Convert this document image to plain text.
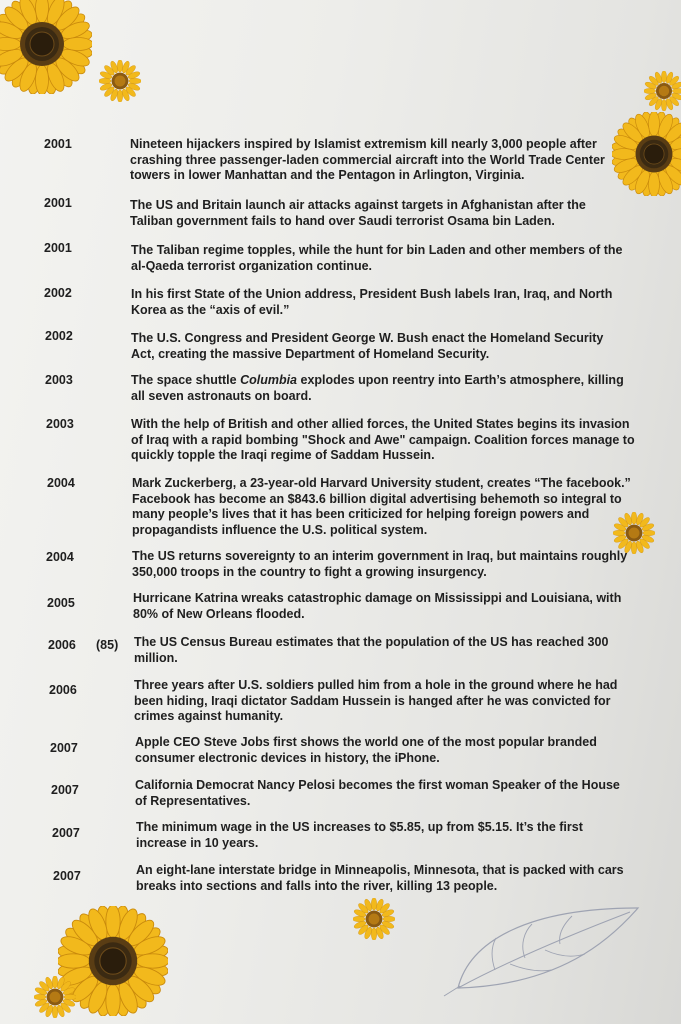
2001	Nineteen hijackers inspired by Islamist extremism kill nearly 3,000 people after crashing three passenger-laden commercial aircraft into the World Trade Center towers in lower Manhattan and the Pentagon in Arlington, Virginia.

2001	The US and Britain launch air attacks against targets in Afghanistan after the Taliban government fails to hand over Saudi terrorist Osama bin Laden.

2001	The Taliban regime topples, while the hunt for bin Laden and other members of the al-Qaeda terrorist organization continue.

2002	In his first State of the Union address, President Bush labels Iran, Iraq, and North Korea as the “axis of evil.”

2002	The U.S. Congress and President George W. Bush enact the Homeland Security Act, creating the massive Department of Homeland Security.

2003	The space shuttle Columbia explodes upon reentry into Earth’s atmosphere, killing all seven astronauts on board.

2003	With the help of British and other allied forces, the United States begins its invasion of Iraq with a rapid bombing "Shock and Awe" campaign. Coalition forces manage to quickly topple the Iraqi regime of Saddam Hussein.

2004	Mark Zuckerberg, a 23-year-old Harvard University student, creates “The facebook.” Facebook has become an $843.6 billion digital advertising behemoth so integral to many people’s lives that it has been criticized for helping foreign powers and propagandists influence the U.S. political system.

2004	The US returns sovereignty to an interim government in Iraq, but maintains roughly 350,000 troops in the country to fight a growing insurgency.

2005	Hurricane Katrina wreaks catastrophic damage on Mississippi and Louisiana, with 80% of New Orleans flooded.

2006 (85) The US Census Bureau estimates that the population of the US has reached 300 million.

2006	Three years after U.S. soldiers pulled him from a hole in the ground where he had been hiding, Iraqi dictator Saddam Hussein is hanged after he was convicted for crimes against humanity.

2007	Apple CEO Steve Jobs first shows the world one of the most popular branded consumer electronic devices in history, the iPhone.

2007	California Democrat Nancy Pelosi becomes the first woman Speaker of the House of Representatives.

2007	The minimum wage in the US increases to $5.85, up from $5.15. It’s the first increase in 10 years.

2007	An eight-lane interstate bridge in Minneapolis, Minnesota, that is packed with cars breaks into sections and falls into the river, killing 13 people.
